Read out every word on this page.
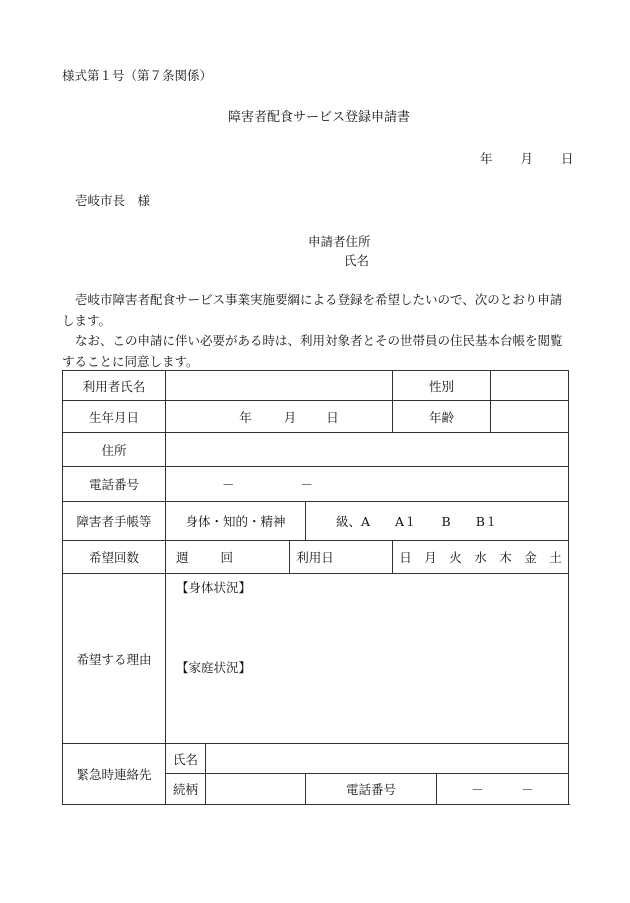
様式第１号（第７条関係）
障害者配食サービス登録申請書
年 月 日
壱岐市長　様
申請者住所
氏名
壱岐市障害者配食サービス事業実施要綱による登録を希望したいので、次のとおり申請します。
なお、この申請に伴い必要がある時は、利用対象者とその世帯員の住民基本台帳を閲覧することに同意します。
利用者氏名					性別		
生年月日	年 月 日				年齢		
住所							
電話番号	－ －						
障害者手帳等	身体・知的・精神			級、A　　A１　　B　　B１			
希望回数	週 回		利用日		日　月　火　水　木　金　土		
希望する理由	【身体状況】
【家庭状況】						

緊急時連絡先	氏名						
	続柄			電話番号		－　　　－	
